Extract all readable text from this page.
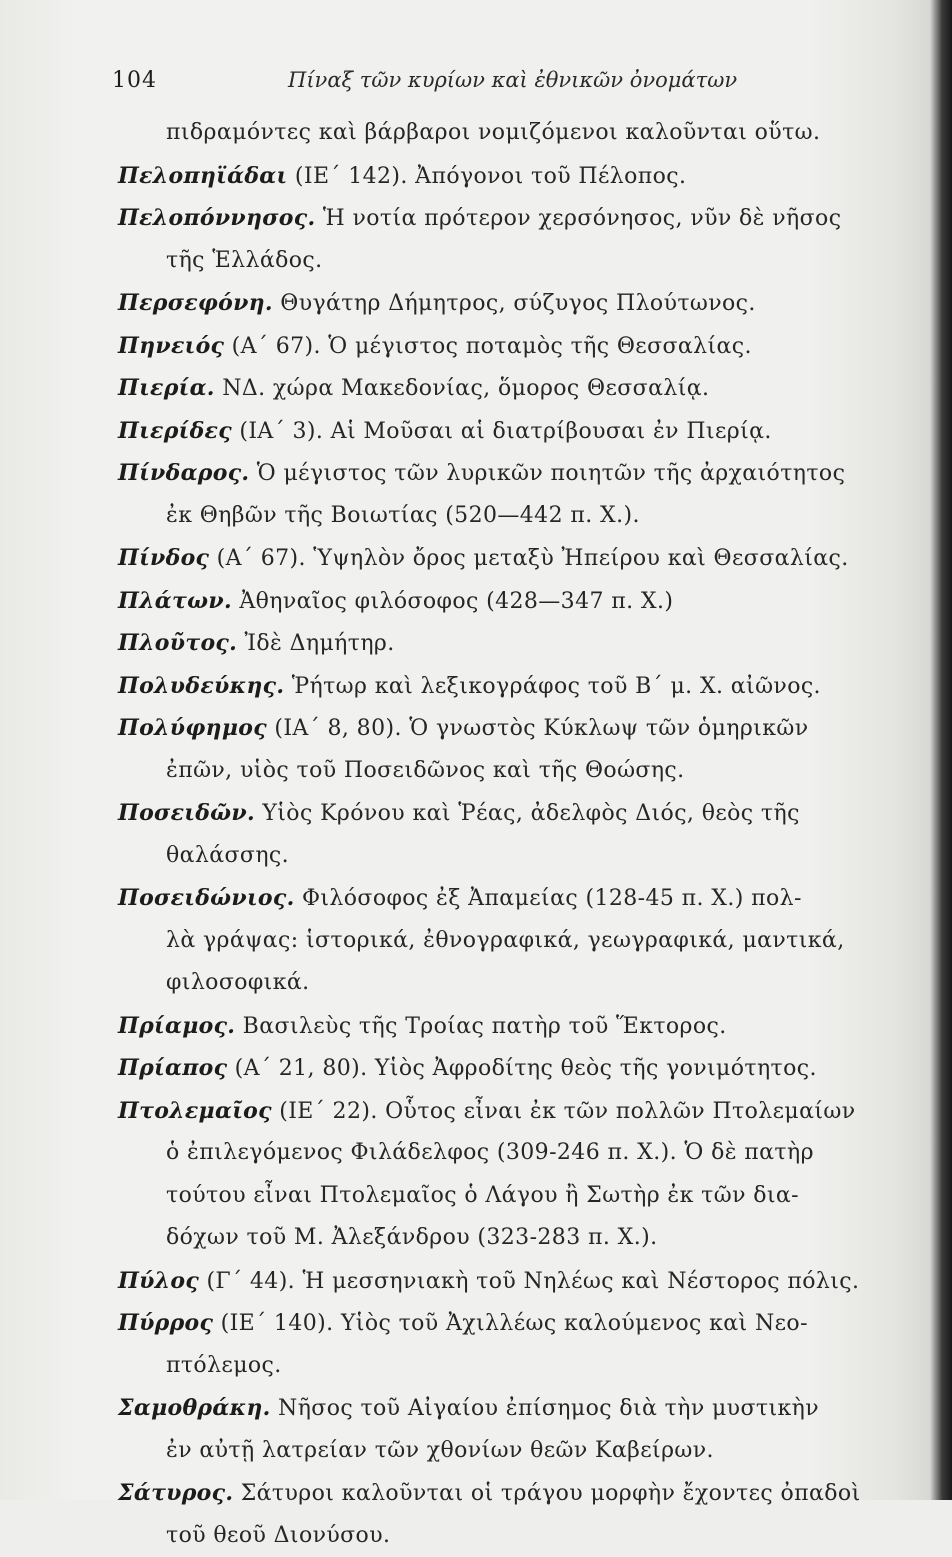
104	Πίναξ τῶν κυρίων καὶ ἐθνικῶν ὀνομάτων
πιδραμόντες καὶ βάρβαροι νομιζόμενοι καλοῦνται οὕτω.
Πελοπηϊάδαι (ΙΕ΄ 142). Ἀπόγονοι τοῦ Πέλοπος.
Πελοπόννησος. Ἡ νοτία πρότερον χερσόνησος, νῦν δὲ νῆσος
τῆς Ἑλλάδος.
Περσεφόνη. Θυγάτηρ Δήμητρος, σύζυγος Πλούτωνος.
Πηνειός (Α΄ 67). Ὁ μέγιστος ποταμὸς τῆς Θεσσαλίας.
Πιερία. ΝΔ. χώρα Μακεδονίας, ὅμορος Θεσσαλίᾳ.
Πιερίδες (ΙΑ΄ 3). Αἱ Μοῦσαι αἱ διατρίβουσαι ἐν Πιερίᾳ.
Πίνδαρος. Ὁ μέγιστος τῶν λυρικῶν ποιητῶν τῆς ἀρχαιότητος
ἐκ Θηβῶν τῆς Βοιωτίας (520—442 π. Χ.).
Πίνδος (Α΄ 67). Ὑψηλὸν ὄρος μεταξὺ Ἠπείρου καὶ Θεσσαλίας.
Πλάτων. Ἀθηναῖος φιλόσοφος (428—347 π. Χ.)
Πλοῦτος. Ἰδὲ Δημήτηρ.
Πολυδεύκης. Ῥήτωρ καὶ λεξικογράφος τοῦ Β΄ μ. Χ. αἰῶνος.
Πολύφημος (ΙΑ΄ 8, 80). Ὁ γνωστὸς Κύκλωψ τῶν ὁμηρικῶν
ἐπῶν, υἱὸς τοῦ Ποσειδῶνος καὶ τῆς Θοώσης.
Ποσειδῶν. Υἱὸς Κρόνου καὶ Ῥέας, ἀδελφὸς Διός, θεὸς τῆς
θαλάσσης.
Ποσειδώνιος. Φιλόσοφος ἐξ Ἀπαμείας (128-45 π. Χ.) πολ-
λὰ γράψας: ἱστορικά, ἐθνογραφικά, γεωγραφικά, μαντικά,
φιλοσοφικά.
Πρίαμος. Βασιλεὺς τῆς Τροίας πατὴρ τοῦ Ἕκτορος.
Πρίαπος (Α΄ 21, 80). Υἱὸς Ἀφροδίτης θεὸς τῆς γονιμότητος.
Πτολεμαῖος (ΙΕ΄ 22). Οὗτος εἶναι ἐκ τῶν πολλῶν Πτολεμαίων
ὁ ἐπιλεγόμενος Φιλάδελφος (309-246 π. Χ.). Ὁ δὲ πατὴρ
τούτου εἶναι Πτολεμαῖος ὁ Λάγου ἢ Σωτὴρ ἐκ τῶν δια-
δόχων τοῦ Μ. Ἀλεξάνδρου (323-283 π. Χ.).
Πύλος (Γ΄ 44). Ἡ μεσσηνιακὴ τοῦ Νηλέως καὶ Νέστορος πόλις.
Πύρρος (ΙΕ΄ 140). Υἱὸς τοῦ Ἀχιλλέως καλούμενος καὶ Νεο-
πτόλεμος.
Σαμοθράκη. Νῆσος τοῦ Αἰγαίου ἐπίσημος διὰ τὴν μυστικὴν
ἐν αὐτῇ λατρείαν τῶν χθονίων θεῶν Καβείρων.
Σάτυρος. Σάτυροι καλοῦνται οἱ τράγου μορφὴν ἔχοντες ὀπαδοὶ
τοῦ θεοῦ Διονύσου.
